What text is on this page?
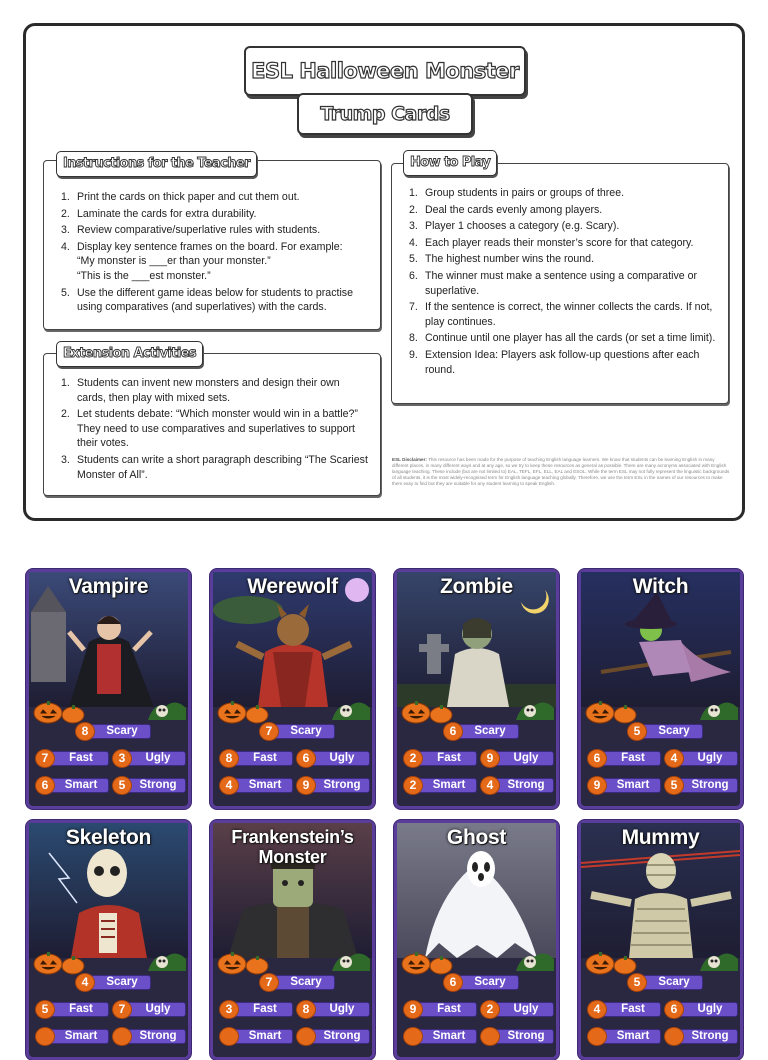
ESL Halloween Monster
Trump Cards
1. Print the cards on thick paper and cut them out.
2. Laminate the cards for extra durability.
3. Review comparative/superlative rules with students.
4. Display key sentence frames on the board. For example:
“My monster is ___er than your monster.”
“This is the ___est monster.”
5. Use the different game ideas below for students to practise using comparatives (and superlatives) with the cards.
Instructions for the Teacher
1. Students can invent new monsters and design their own cards, then play with mixed sets.
2. Let students debate: “Which monster would win in a battle?” They need to use comparatives and superlatives to support their votes.
3. Students can write a short paragraph describing “The Scariest Monster of All”.
Extension Activities
1. Group students in pairs or groups of three.
2. Deal the cards evenly among players.
3. Player 1 chooses a category (e.g. Scary).
4. Each player reads their monster’s score for that category.
5. The highest number wins the round.
6. The winner must make a sentence using a comparative or superlative.
7. If the sentence is correct, the winner collects the cards. If not, play continues.
8. Continue until one player has all the cards (or set a time limit).
9. Extension Idea: Players ask follow-up questions after each round.
How to Play
ESL Disclaimer: This resource has been made for the purpose of teaching English language learners. We know that students can be learning English in many different places, in many different ways and at any age, so we try to keep these resources as general as possible. There are many acronyms associated with English language teaching. These include (but are not limited to) EAL, TEFL, EFL, ELL, EAL and ESOL. While the term ESL may not fully represent the linguistic backgrounds of all students, it is the most widely-recognised term for English language teaching globally. Therefore, we use the term ESL in the names of our resources to make them easy to find but they are suitable for any student learning to speak English.
Vampire
8	Scary
7	Fast	3	Ugly
6	Smart	5	Strong
Werewolf
7	Scary
8	Fast	6	Ugly
4	Smart	9	Strong
Zombie
6	Scary
2	Fast	9	Ugly
2	Smart	4	Strong
Witch
5	Scary
6	Fast	4	Ugly
9	Smart	5	Strong
Skeleton
4	Scary
5	Fast	7	Ugly
Smart	Strong
Frankenstein’s Monster
7	Scary
3	Fast	8	Ugly
Smart	Strong
Ghost
6	Scary
9	Fast	2	Ugly
Smart	Strong
Mummy
5	Scary
4	Fast	6	Ugly
Smart	Strong
